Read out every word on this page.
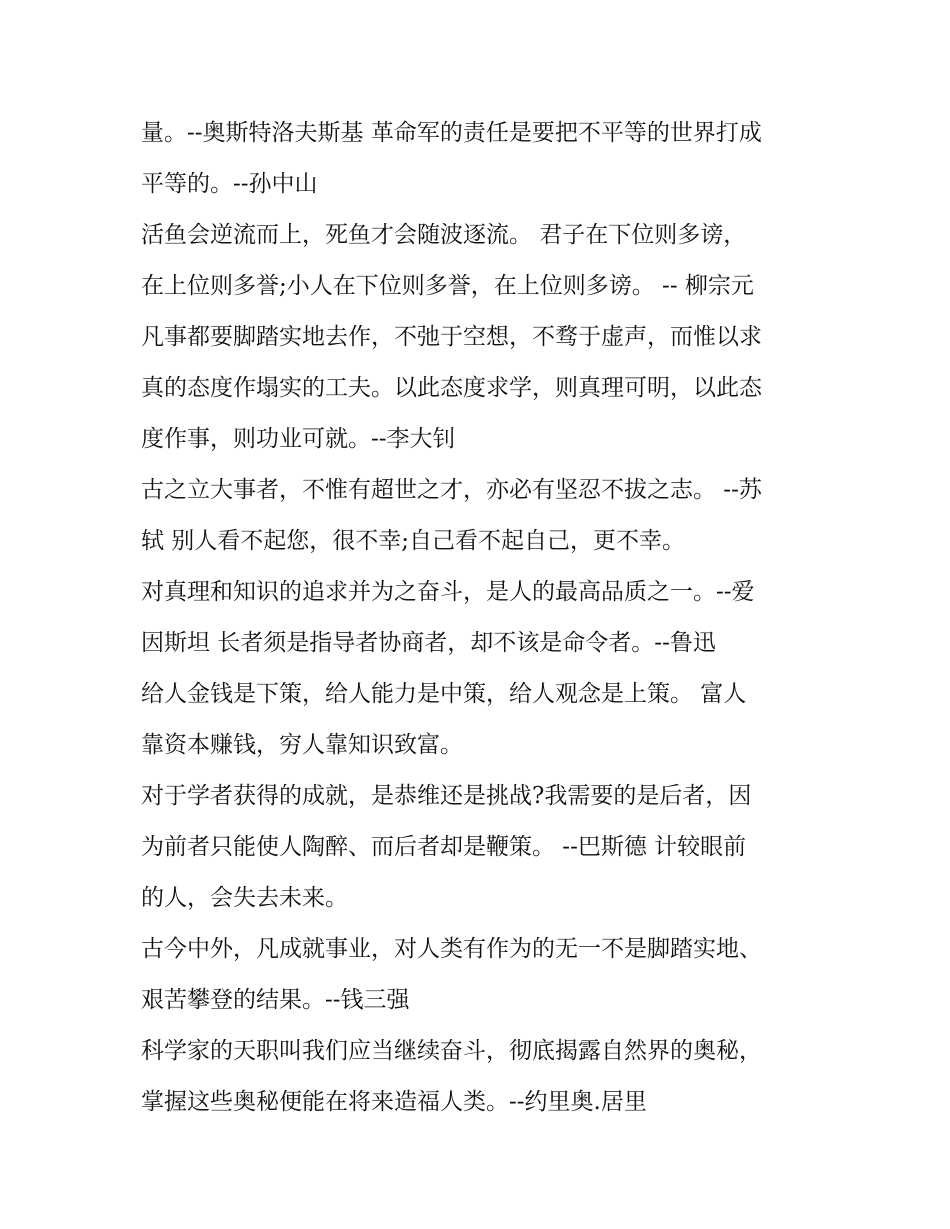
量。--奥斯特洛夫斯基 革命军的责任是要把不平等的世界打成
平等的。--孙中山
活鱼会逆流而上，死鱼才会随波逐流。 君子在下位则多谤，
在上位则多誉;小人在下位则多誉，在上位则多谤。 -- 柳宗元
凡事都要脚踏实地去作，不弛于空想，不骛于虚声，而惟以求
真的态度作塌实的工夫。以此态度求学，则真理可明，以此态
度作事，则功业可就。--李大钊
古之立大事者，不惟有超世之才，亦必有坚忍不拔之志。 --苏
轼 别人看不起您，很不幸;自己看不起自己，更不幸。
对真理和知识的追求并为之奋斗，是人的最高品质之一。--爱
因斯坦 长者须是指导者协商者，却不该是命令者。--鲁迅
给人金钱是下策，给人能力是中策，给人观念是上策。 富人
靠资本赚钱，穷人靠知识致富。
对于学者获得的成就，是恭维还是挑战?我需要的是后者，因
为前者只能使人陶醉、而后者却是鞭策。 --巴斯德 计较眼前
的人，会失去未来。
古今中外，凡成就事业，对人类有作为的无一不是脚踏实地、
艰苦攀登的结果。--钱三强
科学家的天职叫我们应当继续奋斗，彻底揭露自然界的奥秘，
掌握这些奥秘便能在将来造福人类。--约里奥.居里
